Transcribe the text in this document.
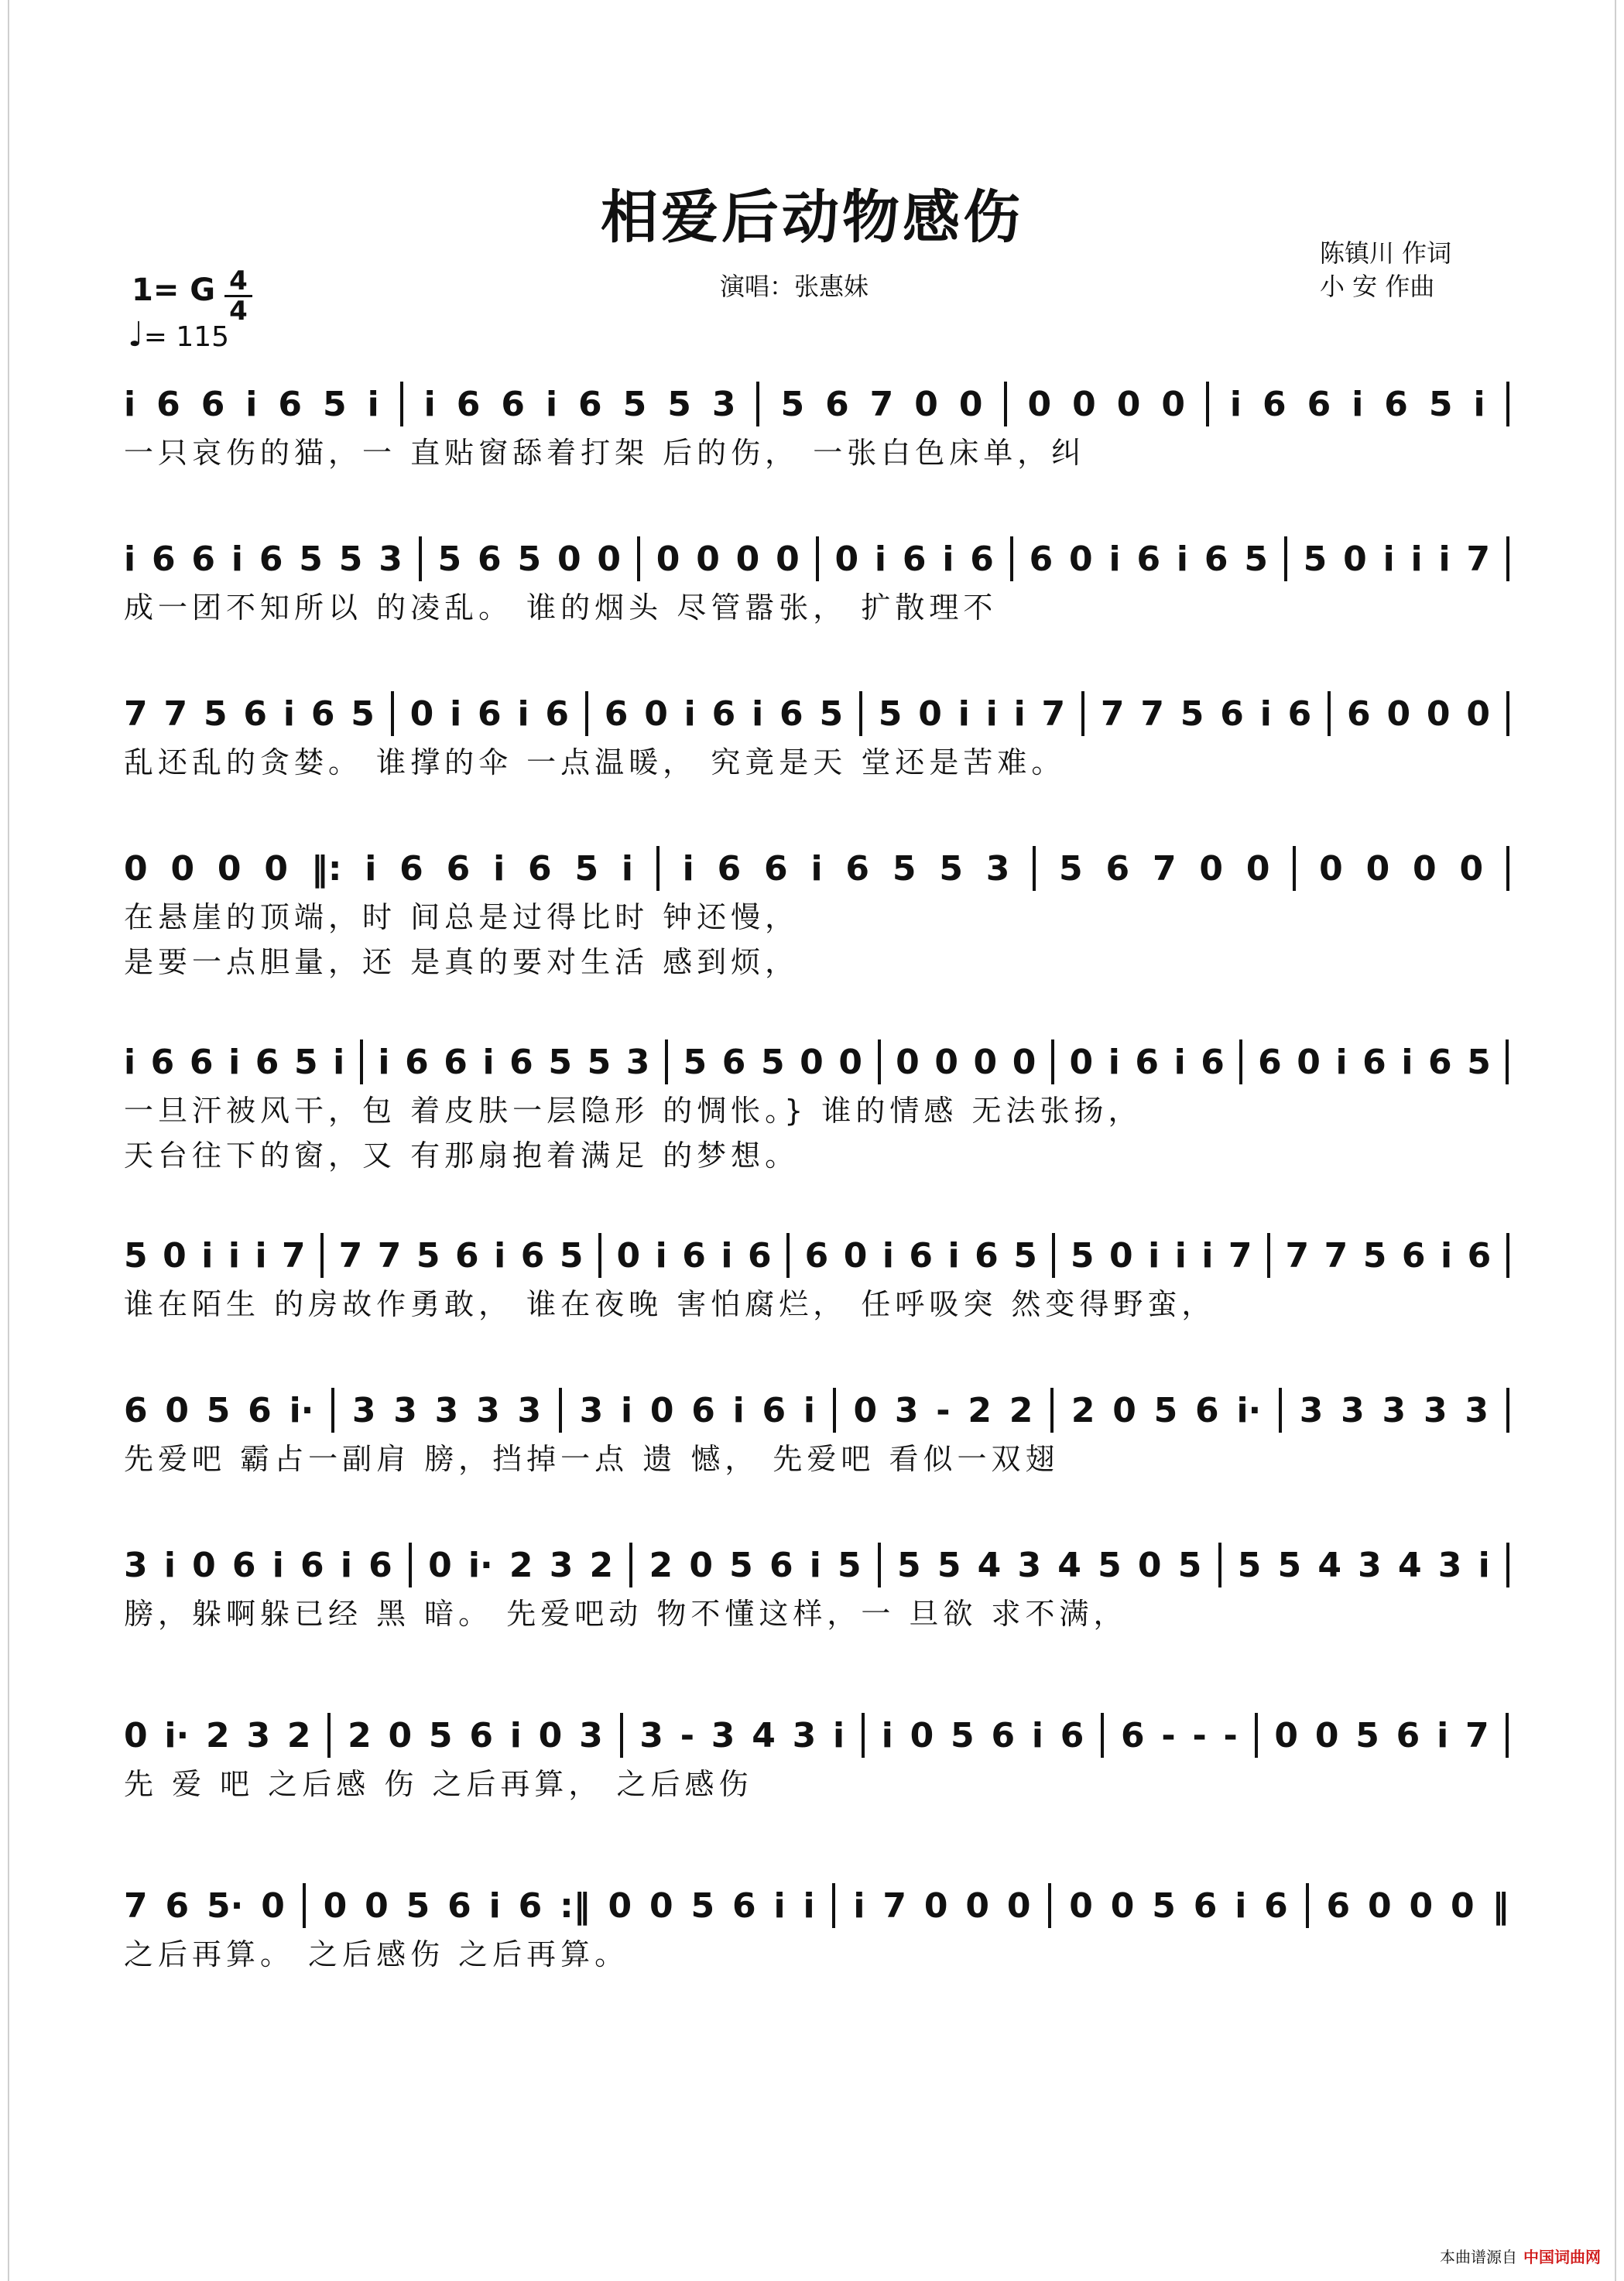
相爱后动物感伤
演唱：张惠妹
陈镇川 作词
小 安 作曲
1= G 4
4
♩= 115
i 6 6 i 6 5 i i 6 6 i 6 5 5 3 5 6 7 0 0 0 0 0 0 i 6 6 i 6 5 i
一只哀伤的猫，一 直贴窗舔着打架 后的伤， 一张白色床单，纠
i 6 6 i 6 5 5 3 5 6 5 0 0 0 0 0 0 0 i 6 i 6 6 0 i 6 i 6 5 5 0 i i i 7
成一团不知所以 的凌乱。 谁的烟头 尽管嚣张， 扩散理不
7 7 5 6 i 6 5 0 i 6 i 6 6 0 i 6 i 6 5 5 0 i i i 7 7 7 5 6 i 6 6 0 0 0
乱还乱的贪婪。 谁撑的伞 一点温暖， 究竟是天 堂还是苦难。
0 0 0 0 ‖: i 6 6 i 6 5 i i 6 6 i 6 5 5 3 5 6 7 0 0 0 0 0 0
在悬崖的顶端，时 间总是过得比时 钟还慢，
是要一点胆量，还 是真的要对生活 感到烦，
i 6 6 i 6 5 i i 6 6 i 6 5 5 3 5 6 5 0 0 0 0 0 0 0 i 6 i 6 6 0 i 6 i 6 5
一旦汗被风干，包 着皮肤一层隐形 的惆怅。} 谁的情感 无法张扬，
天台往下的窗，又 有那扇抱着满足 的梦想。
5 0 i i i 7 7 7 5 6 i 6 5 0 i 6 i 6 6 0 i 6 i 6 5 5 0 i i i 7 7 7 5 6 i 6
谁在陌生 的房故作勇敢， 谁在夜晚 害怕腐烂， 任呼吸突 然变得野蛮，
6 0 5 6 i· 3 3 3 3 3 3 i 0 6 i 6 i 0 3 - 2 2 2 0 5 6 i· 3 3 3 3 3
先爱吧 霸占一副肩 膀，挡掉一点 遗 憾， 先爱吧 看似一双翅
3 i 0 6 i 6 i 6 0 i· 2 3 2 2 0 5 6 i 5 5 5 4 3 4 5 0 5 5 5 4 3 4 3 i
膀，躲啊躲已经 黑 暗。 先爱吧动 物不懂这样，一 旦欲 求不满，
0 i· 2 3 2 2 0 5 6 i 0 3 3 - 3 4 3 i i 0 5 6 i 6 6 - - - 0 0 5 6 i 7
先 爱 吧 之后感 伤 之后再算， 之后感伤
7 6 5· 0 0 0 5 6 i 6 :‖ 0 0 5 6 i i i 7 0 0 0 0 0 5 6 i 6 6 0 0 0 ‖
之后再算。 之后感伤 之后再算。
本曲谱源自 中国词曲网
